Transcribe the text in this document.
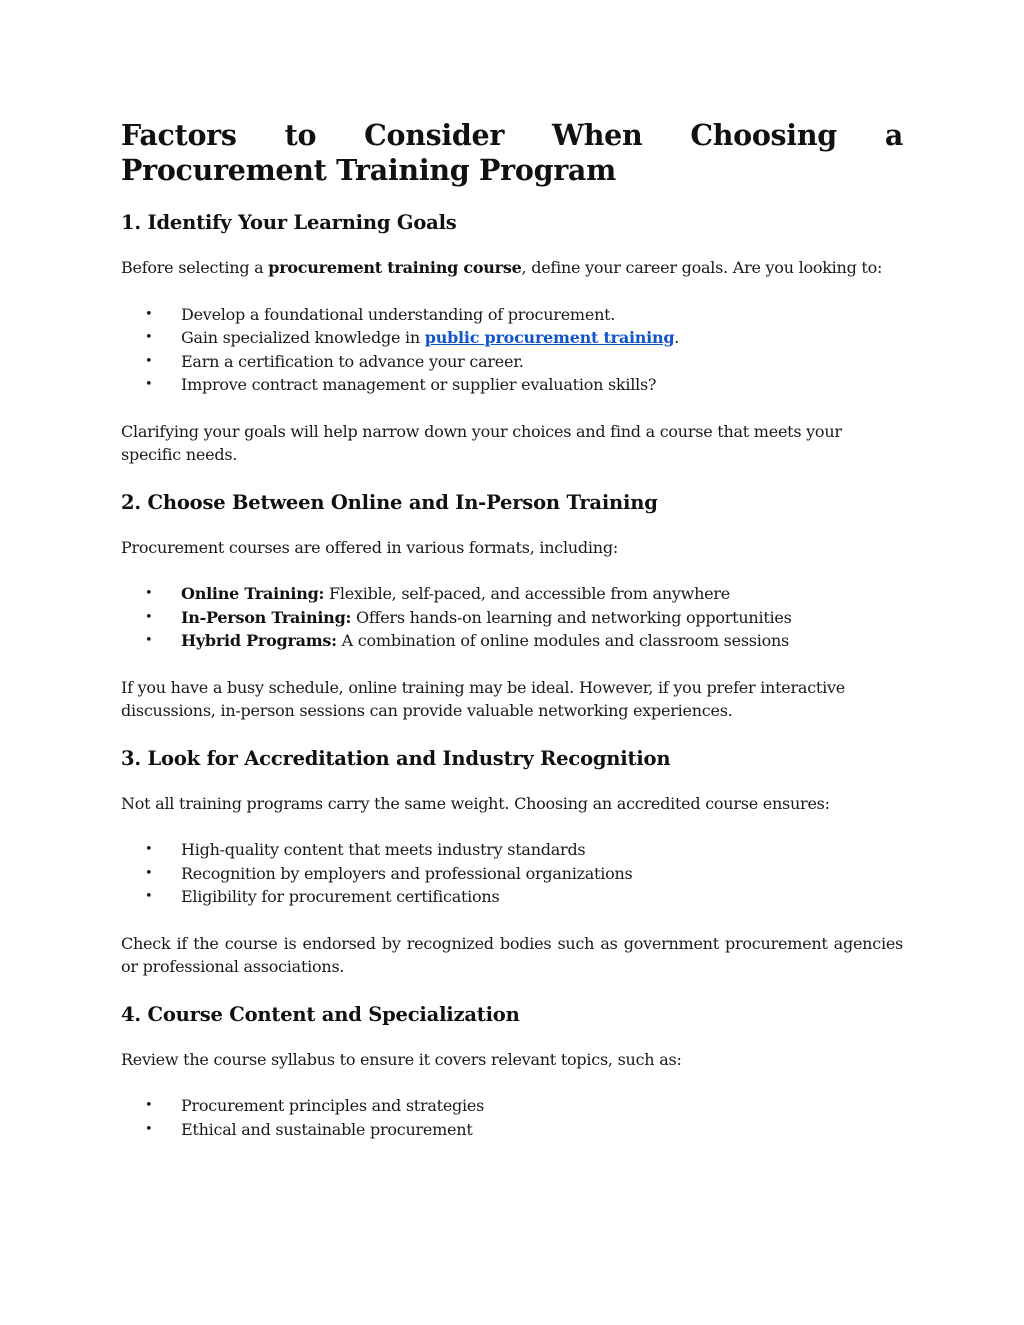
Factors to Consider When Choosing a Procurement Training Program
1. Identify Your Learning Goals

Before selecting a procurement training course, define your career goals. Are you looking to:

• Develop a foundational understanding of procurement.
• Gain specialized knowledge in public procurement training.
• Earn a certification to advance your career.
• Improve contract management or supplier evaluation skills?

Clarifying your goals will help narrow down your choices and find a course that meets your specific needs.

2. Choose Between Online and In-Person Training

Procurement courses are offered in various formats, including:

• Online Training: Flexible, self-paced, and accessible from anywhere
• In-Person Training: Offers hands-on learning and networking opportunities
• Hybrid Programs: A combination of online modules and classroom sessions

If you have a busy schedule, online training may be ideal. However, if you prefer interactive discussions, in-person sessions can provide valuable networking experiences.

3. Look for Accreditation and Industry Recognition

Not all training programs carry the same weight. Choosing an accredited course ensures:

• High-quality content that meets industry standards
• Recognition by employers and professional organizations
• Eligibility for procurement certifications

Check if the course is endorsed by recognized bodies such as government procurement agencies or professional associations.

4. Course Content and Specialization

Review the course syllabus to ensure it covers relevant topics, such as:

• Procurement principles and strategies
• Ethical and sustainable procurement
